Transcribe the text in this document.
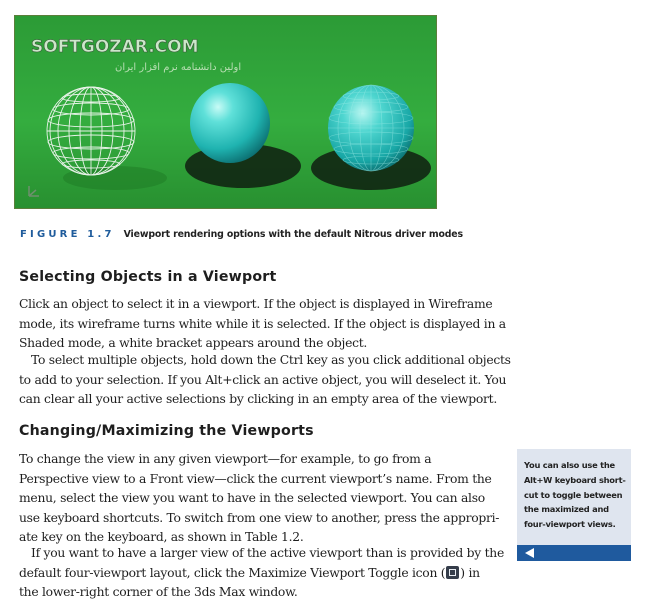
SOFTGOZAR.COM
اولین دانشنامه نرم افزار ایران
FIGURE 1.7 Viewport rendering options with the default Nitrous driver modes
Selecting Objects in a Viewport

Click an object to select it in a viewport. If the object is displayed in Wireframe
mode, its wireframe turns white while it is selected. If the object is displayed in a
Shaded mode, a white bracket appears around the object.

To select multiple objects, hold down the Ctrl key as you click additional objects
to add to your selection. If you Alt+click an active object, you will deselect it. You
can clear all your active selections by clicking in an empty area of the viewport.

Changing/Maximizing the Viewports

To change the view in any given viewport—for example, to go from a
Perspective view to a Front view—click the current viewport’s name. From the
menu, select the view you want to have in the selected viewport. You can also
use keyboard shortcuts. To switch from one view to another, press the appropri-
ate key on the keyboard, as shown in Table 1.2.

If you want to have a larger view of the active viewport than is provided by the
default four-viewport layout, click the Maximize Viewport Toggle icon ( ) in
the lower-right corner of the 3ds Max window.

You can also use the
Alt+W keyboard short-
cut to toggle between
the maximized and
four-viewport views.
